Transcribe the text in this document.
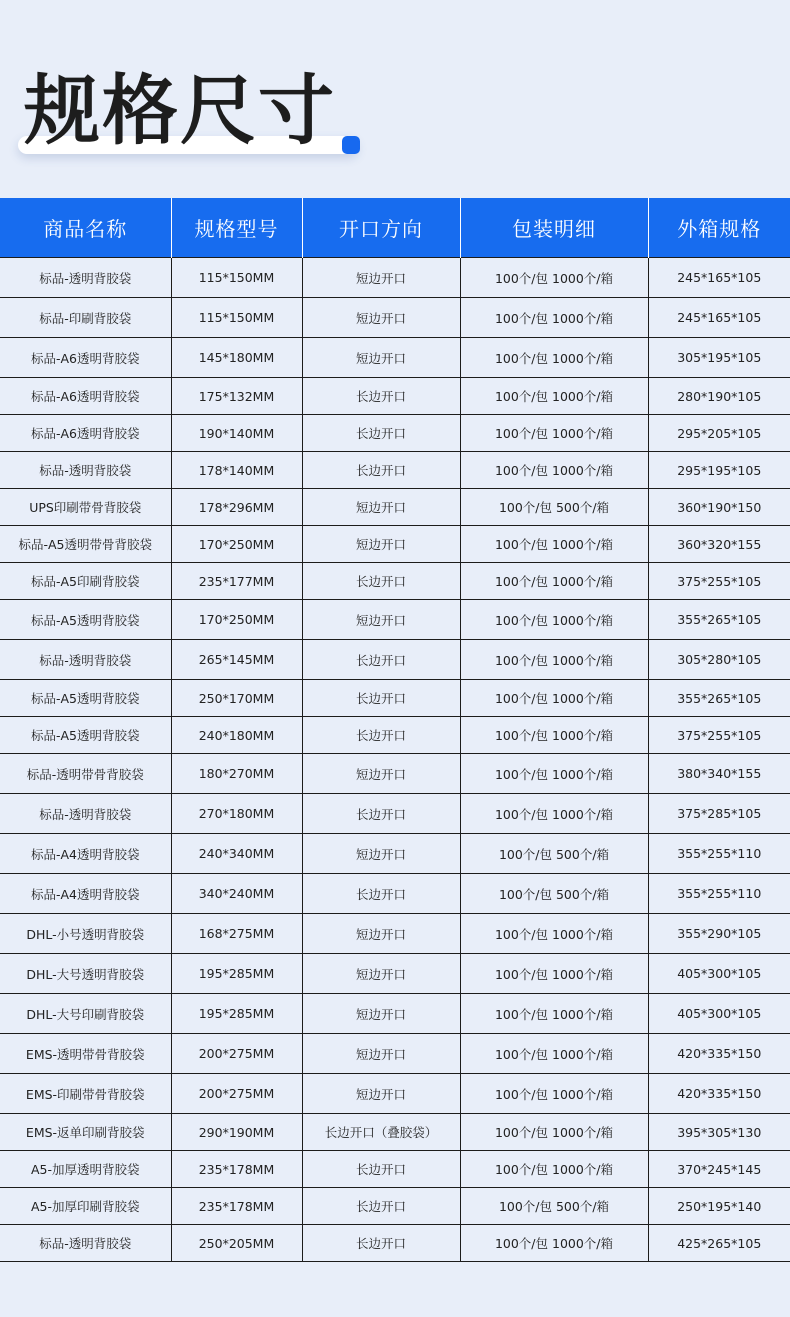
规格尺寸
商品名称	规格型号	开口方向	包装明细	外箱规格
标品-透明背胶袋	115*150MM	短边开口	100个/包 1000个/箱	245*165*105
标品-印刷背胶袋	115*150MM	短边开口	100个/包 1000个/箱	245*165*105
标品-A6透明背胶袋	145*180MM	短边开口	100个/包 1000个/箱	305*195*105
标品-A6透明背胶袋	175*132MM	长边开口	100个/包 1000个/箱	280*190*105
标品-A6透明背胶袋	190*140MM	长边开口	100个/包 1000个/箱	295*205*105
标品-透明背胶袋	178*140MM	长边开口	100个/包 1000个/箱	295*195*105
UPS印刷带骨背胶袋	178*296MM	短边开口	100个/包 500个/箱	360*190*150
标品-A5透明带骨背胶袋	170*250MM	短边开口	100个/包 1000个/箱	360*320*155
标品-A5印刷背胶袋	235*177MM	长边开口	100个/包 1000个/箱	375*255*105
标品-A5透明背胶袋	170*250MM	短边开口	100个/包 1000个/箱	355*265*105
标品-透明背胶袋	265*145MM	长边开口	100个/包 1000个/箱	305*280*105
标品-A5透明背胶袋	250*170MM	长边开口	100个/包 1000个/箱	355*265*105
标品-A5透明背胶袋	240*180MM	长边开口	100个/包 1000个/箱	375*255*105
标品-透明带骨背胶袋	180*270MM	短边开口	100个/包 1000个/箱	380*340*155
标品-透明背胶袋	270*180MM	长边开口	100个/包 1000个/箱	375*285*105
标品-A4透明背胶袋	240*340MM	短边开口	100个/包 500个/箱	355*255*110
标品-A4透明背胶袋	340*240MM	长边开口	100个/包 500个/箱	355*255*110
DHL-小号透明背胶袋	168*275MM	短边开口	100个/包 1000个/箱	355*290*105
DHL-大号透明背胶袋	195*285MM	短边开口	100个/包 1000个/箱	405*300*105
DHL-大号印刷背胶袋	195*285MM	短边开口	100个/包 1000个/箱	405*300*105
EMS-透明带骨背胶袋	200*275MM	短边开口	100个/包 1000个/箱	420*335*150
EMS-印刷带骨背胶袋	200*275MM	短边开口	100个/包 1000个/箱	420*335*150
EMS-返单印刷背胶袋	290*190MM	长边开口（叠胶袋）	100个/包 1000个/箱	395*305*130
A5-加厚透明背胶袋	235*178MM	长边开口	100个/包 1000个/箱	370*245*145
A5-加厚印刷背胶袋	235*178MM	长边开口	100个/包 500个/箱	250*195*140
标品-透明背胶袋	250*205MM	长边开口	100个/包 1000个/箱	425*265*105
